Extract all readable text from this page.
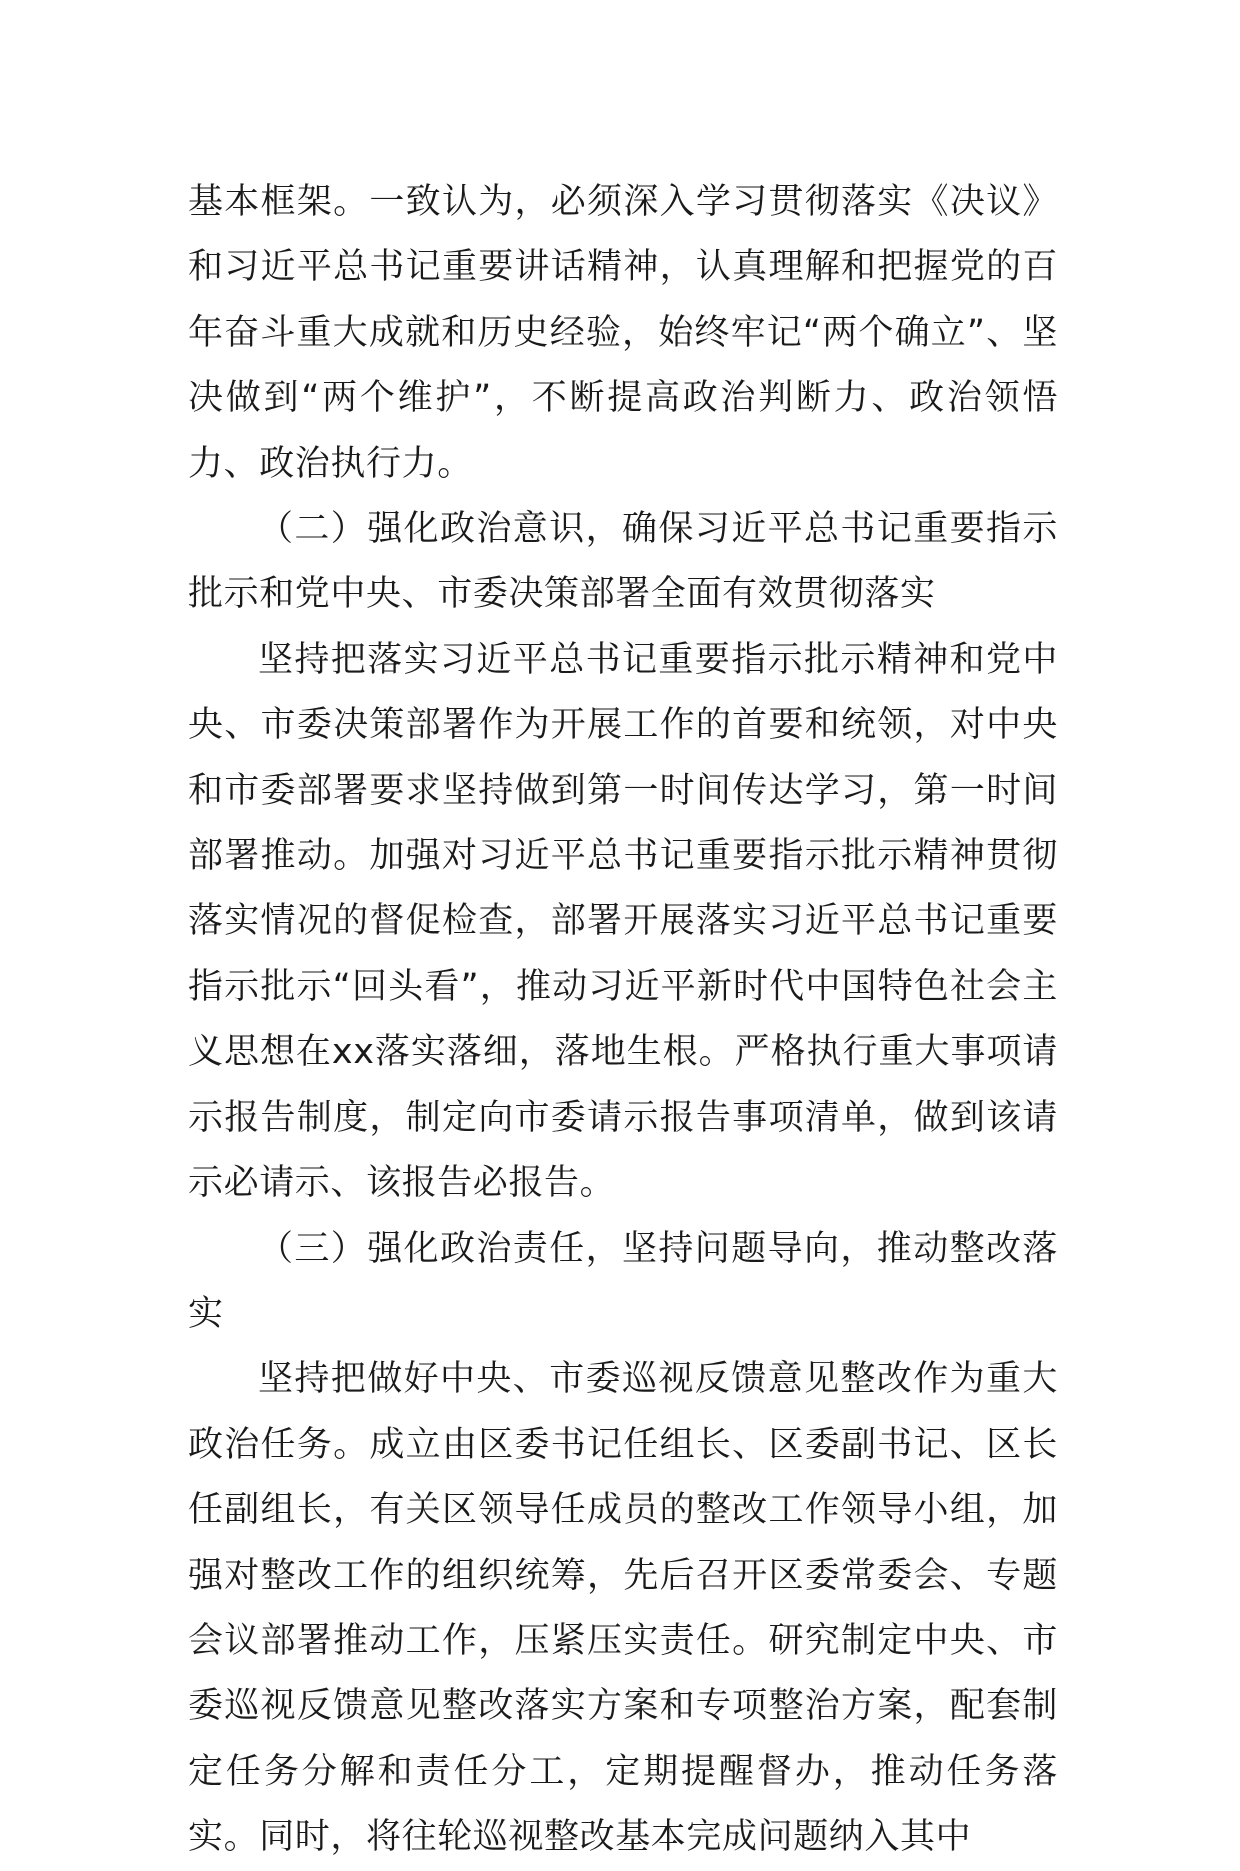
基本框架。一致认为，必须深入学习贯彻落实《决议》和习近平总书记重要讲话精神，认真理解和把握党的百年奋斗重大成就和历史经验，始终牢记“两个确立”、坚决做到“两个维护”，不断提高政治判断力、政治领悟力、政治执行力。

（二）强化政治意识，确保习近平总书记重要指示批示和党中央、市委决策部署全面有效贯彻落实

坚持把落实习近平总书记重要指示批示精神和党中央、市委决策部署作为开展工作的首要和统领，对中央和市委部署要求坚持做到第一时间传达学习，第一时间部署推动。加强对习近平总书记重要指示批示精神贯彻落实情况的督促检查，部署开展落实习近平总书记重要指示批示“回头看”，推动习近平新时代中国特色社会主义思想在xx落实落细，落地生根。严格执行重大事项请示报告制度，制定向市委请示报告事项清单，做到该请示必请示、该报告必报告。

（三）强化政治责任，坚持问题导向，推动整改落实

坚持把做好中央、市委巡视反馈意见整改作为重大政治任务。成立由区委书记任组长、区委副书记、区长任副组长，有关区领导任成员的整改工作领导小组，加强对整改工作的组织统筹，先后召开区委常委会、专题会议部署推动工作，压紧压实责任。研究制定中央、市委巡视反馈意见整改落实方案和专项整治方案，配套制定任务分解和责任分工，定期提醒督办，推动任务落实。同时，将往轮巡视整改基本完成问题纳入其中
